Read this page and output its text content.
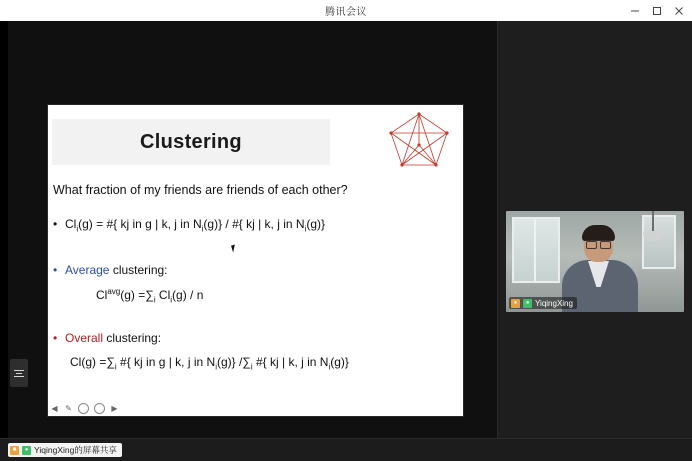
腾讯会议
Clustering
What fraction of my friends are friends of each other?
• $Cl_i(g)$ = #{ kj in g | k, j in $N_i(g)$} / #{ kj | k, j in $N_i(g)$}
• Average clustering:
$Cl^{avg}(g) =\sum_i$ $Cl_i(g)$ / n
• Overall clustering:
$Cl(g) =\sum_i$ #{ kj in g | k, j in $N_i(g)$} $/\sum_i$ #{ kj | k, j in $N_i(g)$}
◀ ✎	▶
●	● YiqingXing
■	● YiqingXing的屏幕共享
